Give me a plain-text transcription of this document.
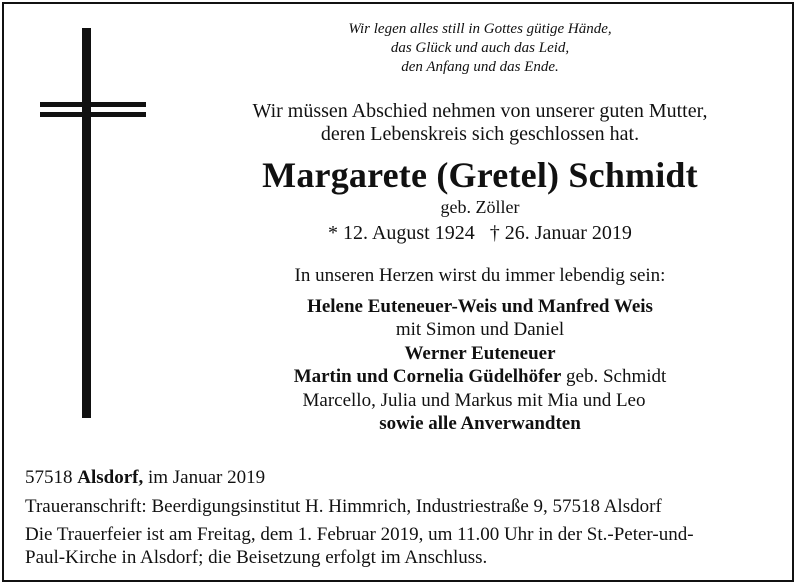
Wir legen alles still in Gottes gütige Hände,
das Glück und auch das Leid,
den Anfang und das Ende.
Wir müssen Abschied nehmen von unserer guten Mutter,
deren Lebenskreis sich geschlossen hat.
Margarete (Gretel) Schmidt
geb. Zöller
* 12. August 1924   † 26. Januar 2019
In unseren Herzen wirst du immer lebendig sein:
Helene Euteneuer-Weis und Manfred Weis
mit Simon und Daniel
Werner Euteneuer
Martin und Cornelia Güdelhöfer geb. Schmidt
Marcello, Julia und Markus mit Mia und Leo
sowie alle Anverwandten
57518 Alsdorf, im Januar 2019
Traueranschrift: Beerdigungsinstitut H. Himmrich, Industriestraße 9, 57518 Alsdorf
Die Trauerfeier ist am Freitag, dem 1. Februar 2019, um 11.00 Uhr in der St.-Peter-und-
Paul-Kirche in Alsdorf; die Beisetzung erfolgt im Anschluss.
